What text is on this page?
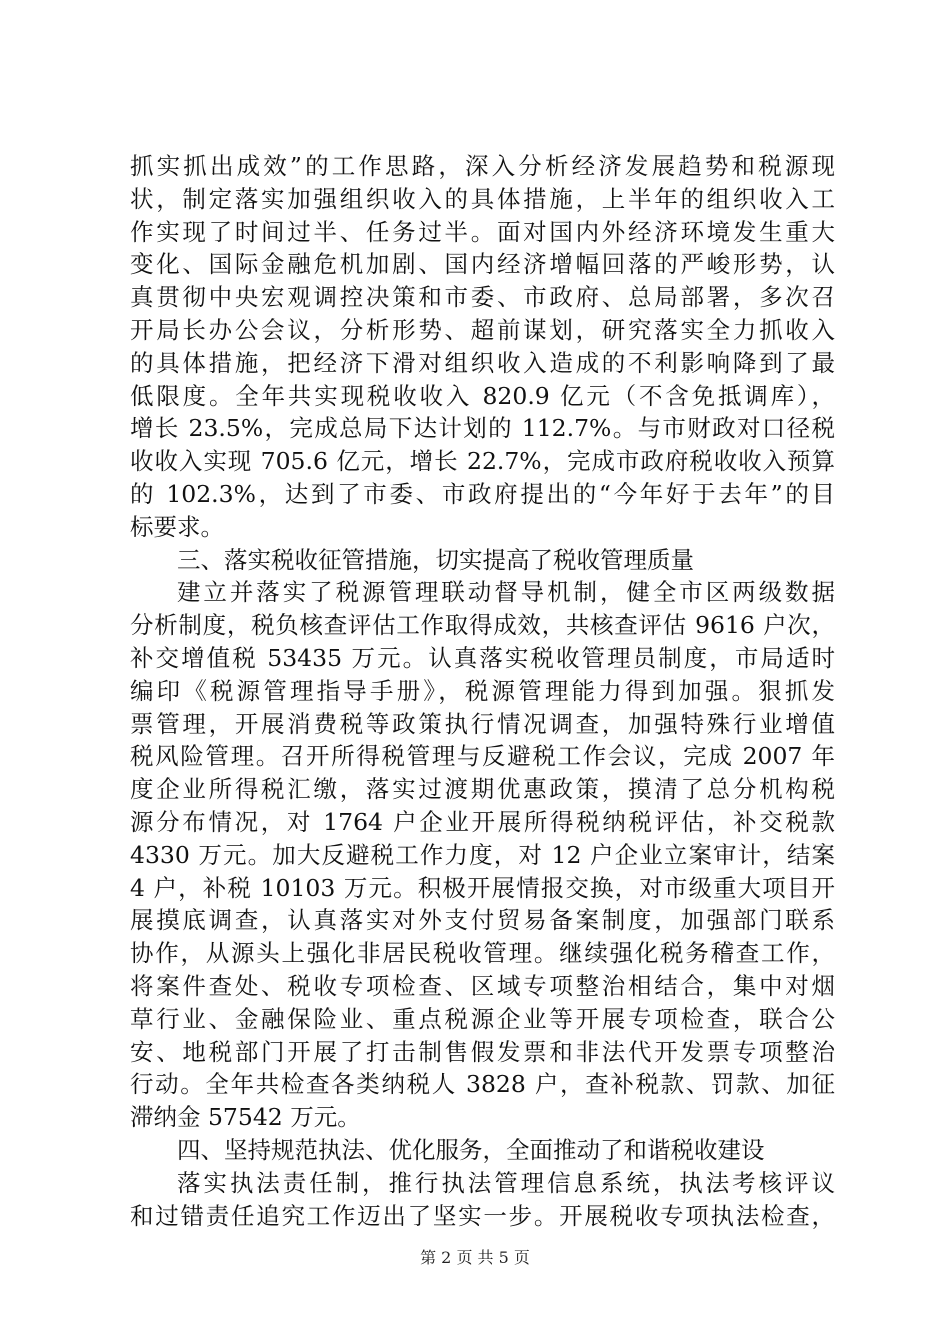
抓实抓出成效”的工作思路，深入分析经济发展趋势和税源现
状，制定落实加强组织收入的具体措施，上半年的组织收入工
作实现了时间过半、任务过半。面对国内外经济环境发生重大
变化、国际金融危机加剧、国内经济增幅回落的严峻形势，认
真贯彻中央宏观调控决策和市委、市政府、总局部署，多次召
开局长办公会议，分析形势、超前谋划，研究落实全力抓收入
的具体措施，把经济下滑对组织收入造成的不利影响降到了最
低限度。全年共实现税收收入 820.9 亿元（不含免抵调库），
增长 23.5%，完成总局下达计划的 112.7%。与市财政对口径税
收收入实现 705.6 亿元，增长 22.7%，完成市政府税收收入预算
的 102.3%，达到了市委、市政府提出的“今年好于去年”的目
标要求。
三、落实税收征管措施，切实提高了税收管理质量
建立并落实了税源管理联动督导机制，健全市区两级数据
分析制度，税负核查评估工作取得成效，共核查评估 9616 户次，
补交增值税 53435 万元。认真落实税收管理员制度，市局适时
编印《税源管理指导手册》，税源管理能力得到加强。狠抓发
票管理，开展消费税等政策执行情况调查，加强特殊行业增值
税风险管理。召开所得税管理与反避税工作会议，完成 2007 年
度企业所得税汇缴，落实过渡期优惠政策，摸清了总分机构税
源分布情况，对 1764 户企业开展所得税纳税评估，补交税款
4330 万元。加大反避税工作力度，对 12 户企业立案审计，结案
4 户，补税 10103 万元。积极开展情报交换，对市级重大项目开
展摸底调查，认真落实对外支付贸易备案制度，加强部门联系
协作，从源头上强化非居民税收管理。继续强化税务稽查工作，
将案件查处、税收专项检查、区域专项整治相结合，集中对烟
草行业、金融保险业、重点税源企业等开展专项检查，联合公
安、地税部门开展了打击制售假发票和非法代开发票专项整治
行动。全年共检查各类纳税人 3828 户，查补税款、罚款、加征
滞纳金 57542 万元。
四、坚持规范执法、优化服务，全面推动了和谐税收建设
落实执法责任制，推行执法管理信息系统，执法考核评议
和过错责任追究工作迈出了坚实一步。开展税收专项执法检查，
第 2 页 共 5 页
